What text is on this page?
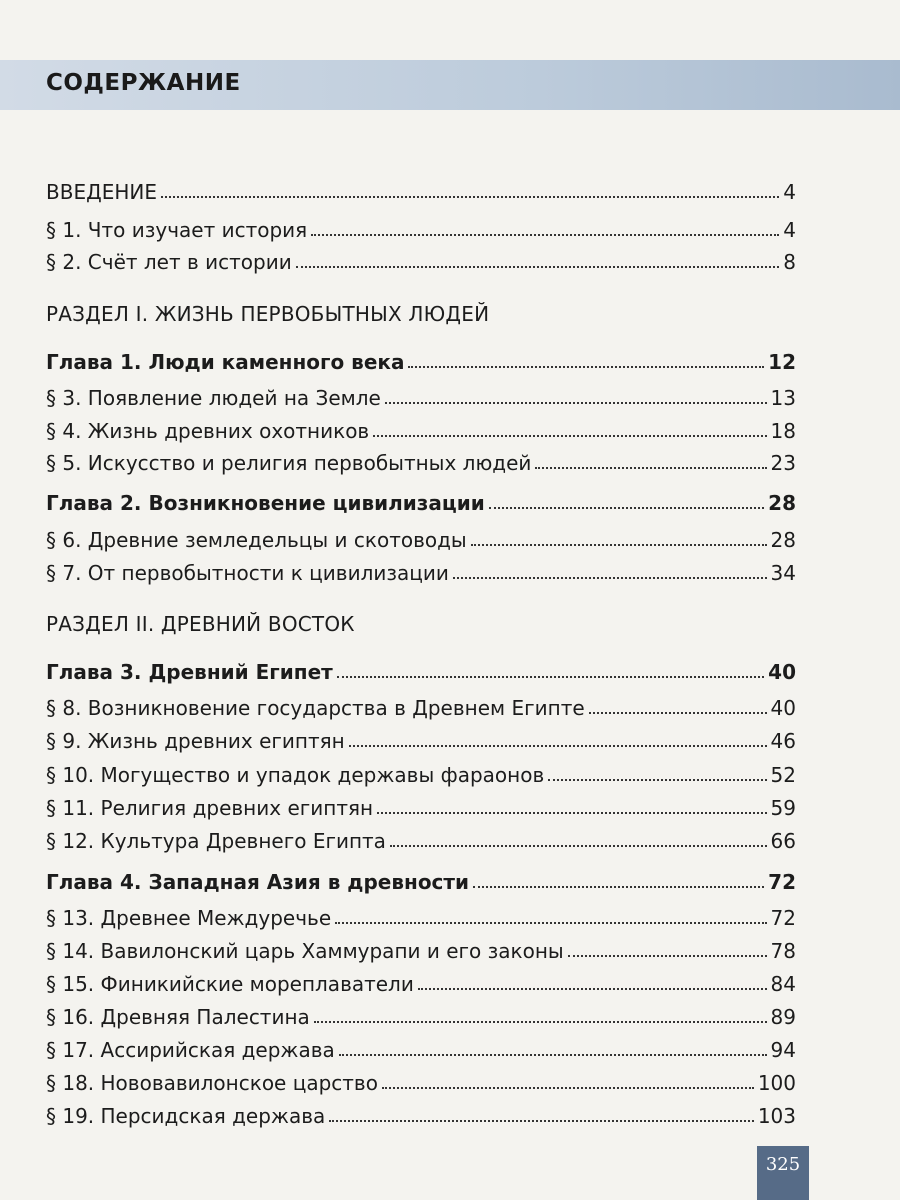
СОДЕРЖАНИЕ
ВВЕДЕНИЕ	4
§ 1. Что изучает история	4
§ 2. Счёт лет в истории	8
РАЗДЕЛ I. ЖИЗНЬ ПЕРВОБЫТНЫХ ЛЮДЕЙ
Глава 1. Люди каменного века	12
§ 3. Появление людей на Земле	13
§ 4. Жизнь древних охотников	18
§ 5. Искусство и религия первобытных людей	23
Глава 2. Возникновение цивилизации	28
§ 6. Древние земледельцы и скотоводы	28
§ 7. От первобытности к цивилизации	34
РАЗДЕЛ II. ДРЕВНИЙ ВОСТОК
Глава 3. Древний Египет	40
§ 8. Возникновение государства в Древнем Египте	40
§ 9. Жизнь древних египтян	46
§ 10. Могущество и упадок державы фараонов	52
§ 11. Религия древних египтян	59
§ 12. Культура Древнего Египта	66
Глава 4. Западная Азия в древности	72
§ 13. Древнее Междуречье	72
§ 14. Вавилонский царь Хаммурапи и его законы	78
§ 15. Финикийские мореплаватели	84
§ 16. Древняя Палестина	89
§ 17. Ассирийская держава	94
§ 18. Нововавилонское царство	100
§ 19. Персидская держава	103
325
